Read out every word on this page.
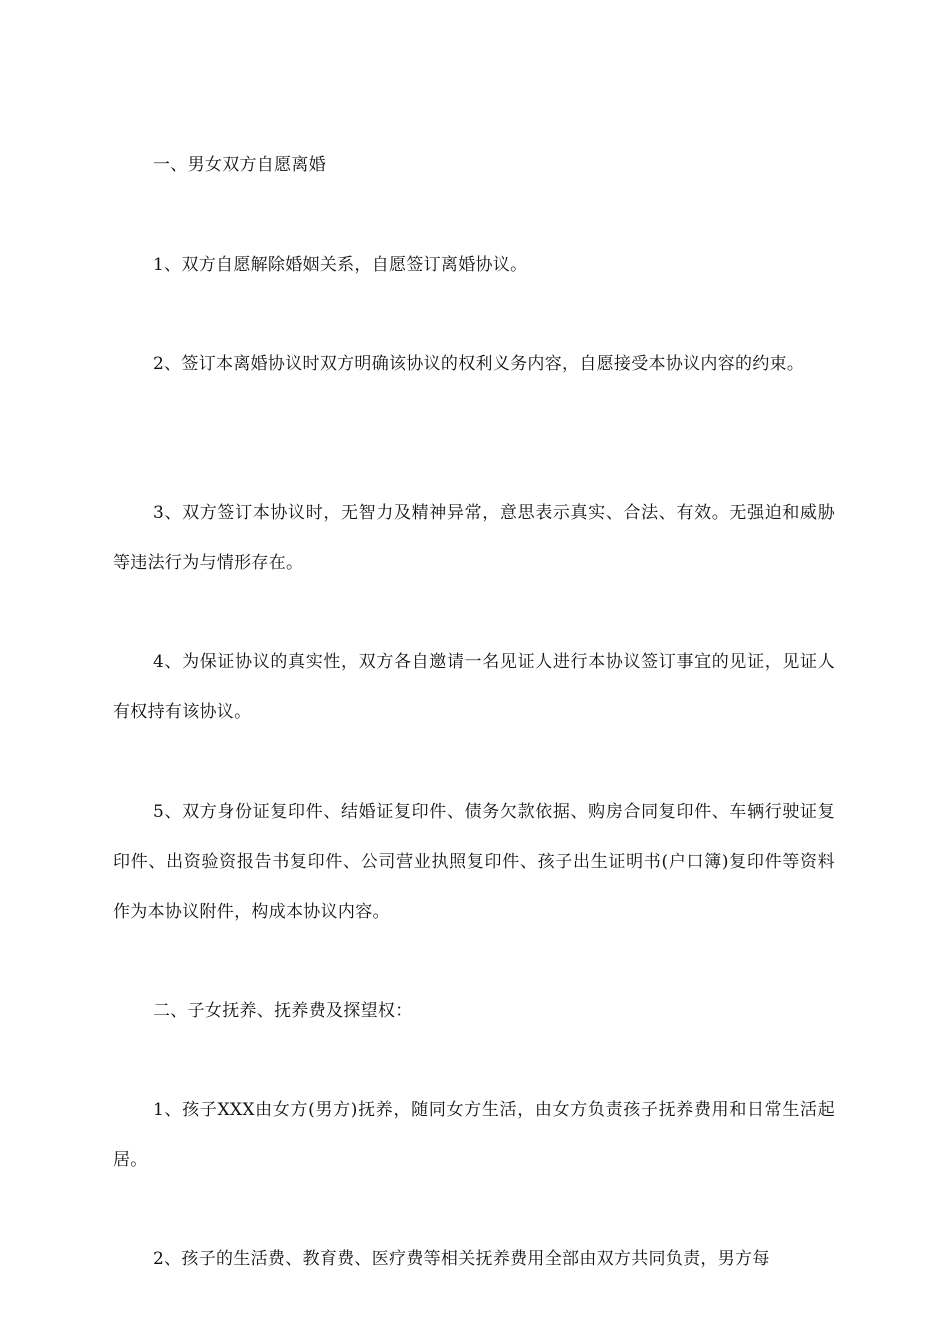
一、男女双方自愿离婚

1、双方自愿解除婚姻关系，自愿签订离婚协议。

2、签订本离婚协议时双方明确该协议的权利义务内容，自愿接受本协议内容的约束。

3、双方签订本协议时，无智力及精神异常，意思表示真实、合法、有效。无强迫和威胁等违法行为与情形存在。

4、为保证协议的真实性，双方各自邀请一名见证人进行本协议签订事宜的见证，见证人有权持有该协议。

5、双方身份证复印件、结婚证复印件、债务欠款依据、购房合同复印件、车辆行驶证复印件、出资验资报告书复印件、公司营业执照复印件、孩子出生证明书(户口簿)复印件等资料作为本协议附件，构成本协议内容。

二、子女抚养、抚养费及探望权：

1、孩子XXX由女方(男方)抚养，随同女方生活，由女方负责孩子抚养费用和日常生活起居。

2、孩子的生活费、教育费、医疗费等相关抚养费用全部由双方共同负责，男方每
